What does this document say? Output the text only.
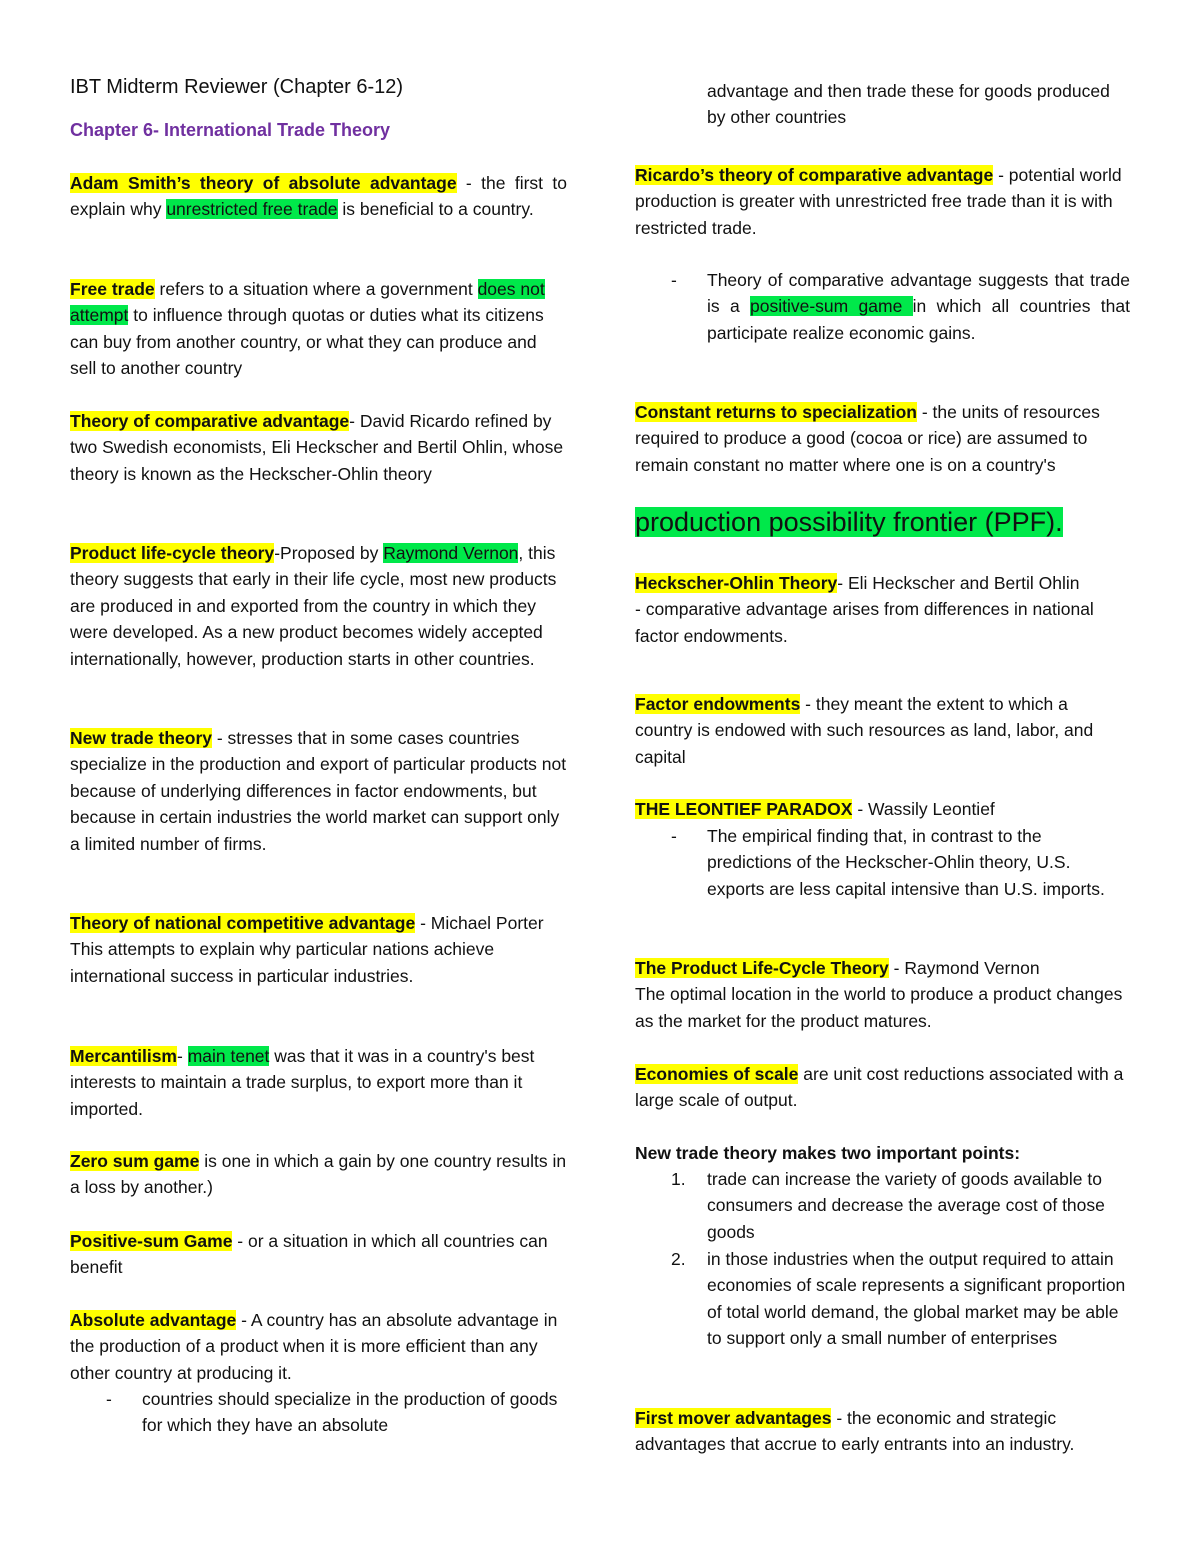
IBT Midterm Reviewer (Chapter 6-12)
Chapter 6- International Trade Theory
Adam Smith’s theory of absolute advantage - the first to explain why unrestricted free trade is beneficial to a country.
Free trade refers to a situation where a government does not attempt to influence through quotas or duties what its citizens can buy from another country, or what they can produce and sell to another country
Theory of comparative advantage- David Ricardo refined by two Swedish economists, Eli Heckscher and Bertil Ohlin, whose theory is known as the Heckscher-Ohlin theory
Product life-cycle theory-Proposed by Raymond Vernon, this theory suggests that early in their life cycle, most new products are produced in and exported from the country in which they were developed. As a new product becomes widely accepted internationally, however, production starts in other countries.
New trade theory - stresses that in some cases countries specialize in the production and export of particular products not because of underlying differences in factor endowments, but because in certain industries the world market can support only a limited number of firms.
Theory of national competitive advantage - Michael Porter
This attempts to explain why particular nations achieve international success in particular industries.
Mercantilism- main tenet was that it was in a country's best interests to maintain a trade surplus, to export more than it imported.
Zero sum game is one in which a gain by one country results in a loss by another.)
Positive-sum Game - or a situation in which all countries can benefit
Absolute advantage - A country has an absolute advantage in the production of a product when it is more efficient than any other country at producing it.
- countries should specialize in the production of goods for which they have an absolute
advantage and then trade these for goods produced by other countries
Ricardo’s theory of comparative advantage - potential world production is greater with unrestricted free trade than it is with restricted trade.
- Theory of comparative advantage suggests that trade is a positive-sum game in which all countries that participate realize economic gains.
Constant returns to specialization - the units of resources required to produce a good (cocoa or rice) are assumed to remain constant no matter where one is on a country's
production possibility frontier (PPF).
Heckscher-Ohlin Theory- Eli Heckscher and Bertil Ohlin
- comparative advantage arises from differences in national factor endowments.
Factor endowments - they meant the extent to which a country is endowed with such resources as land, labor, and capital
THE LEONTIEF PARADOX - Wassily Leontief
- The empirical finding that, in contrast to the predictions of the Heckscher-Ohlin theory, U.S. exports are less capital intensive than U.S. imports.
The Product Life-Cycle Theory - Raymond Vernon
The optimal location in the world to produce a product changes as the market for the product matures.
Economies of scale are unit cost reductions associated with a large scale of output.
New trade theory makes two important points:
1. trade can increase the variety of goods available to consumers and decrease the average cost of those goods
2. in those industries when the output required to attain economies of scale represents a significant proportion of total world demand, the global market may be able to support only a small number of enterprises
First mover advantages - the economic and strategic advantages that accrue to early entrants into an industry.
